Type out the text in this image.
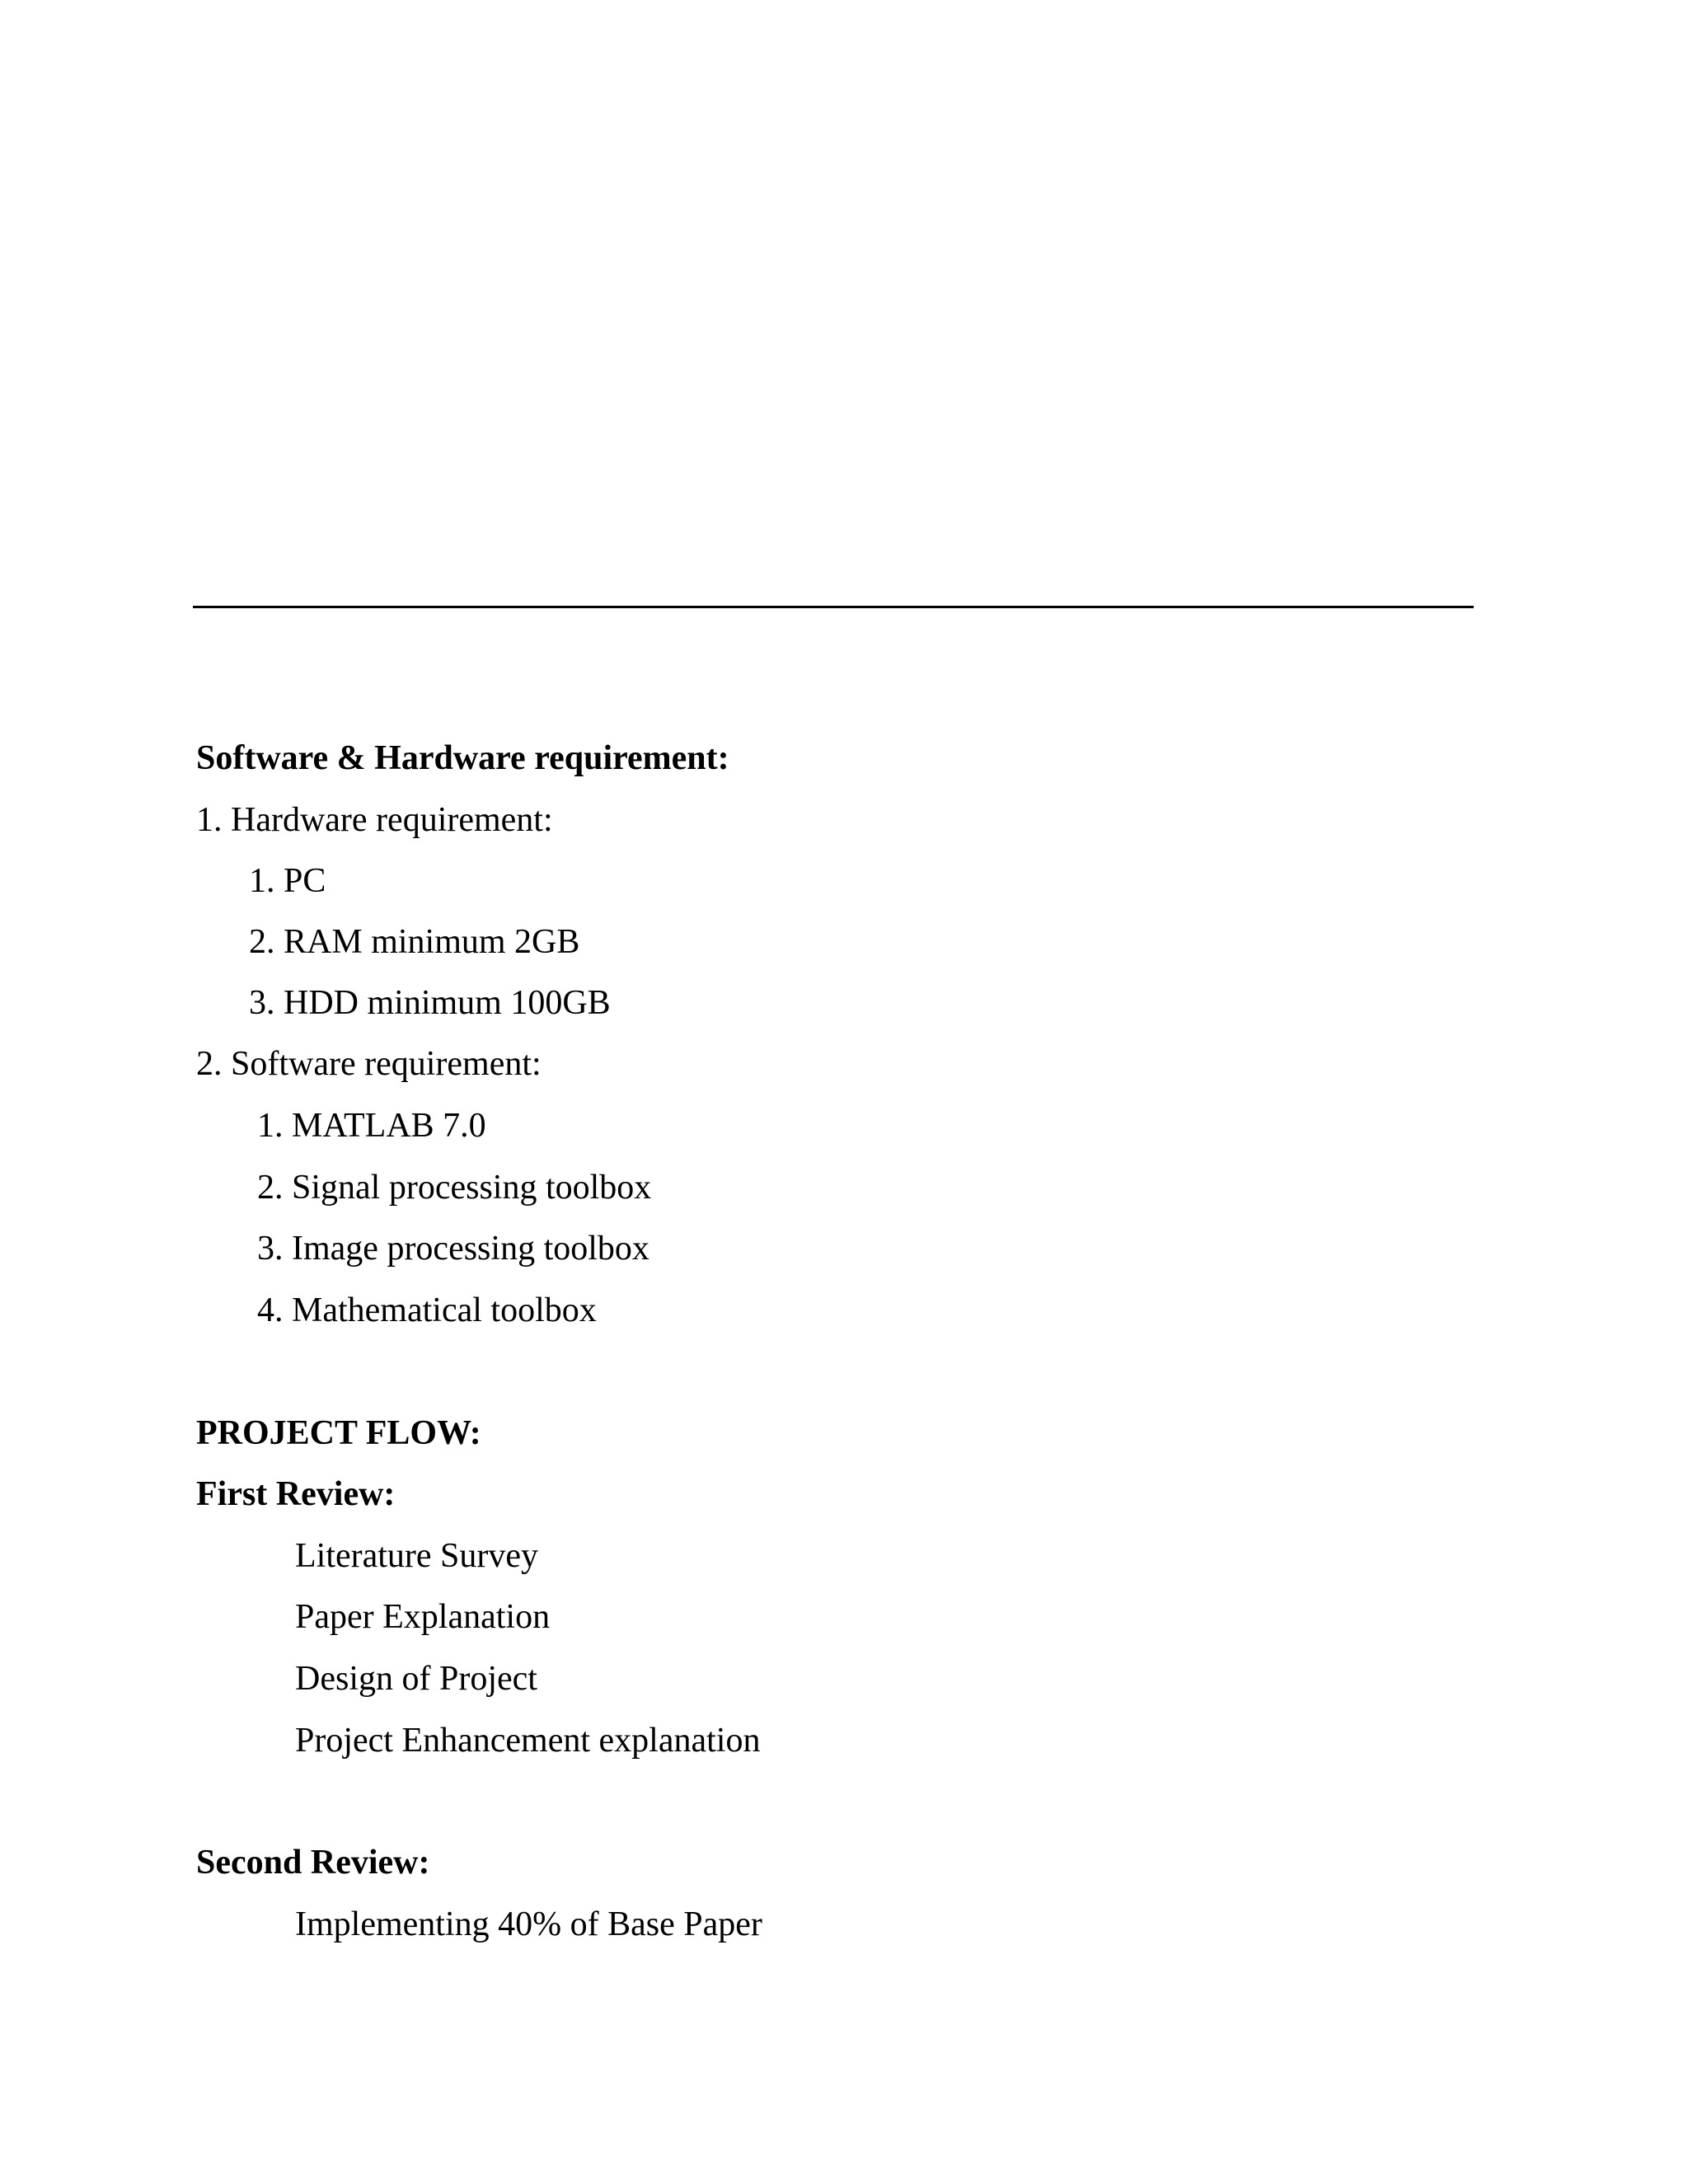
Software & Hardware requirement:
1. Hardware requirement:
1. PC
2. RAM minimum 2GB
3. HDD minimum 100GB
2. Software requirement:
1. MATLAB 7.0
2. Signal processing toolbox
3. Image processing toolbox
4. Mathematical toolbox
PROJECT FLOW:
First Review:
Literature Survey
Paper Explanation
Design of Project
Project Enhancement explanation
Second Review:
Implementing 40% of Base Paper
